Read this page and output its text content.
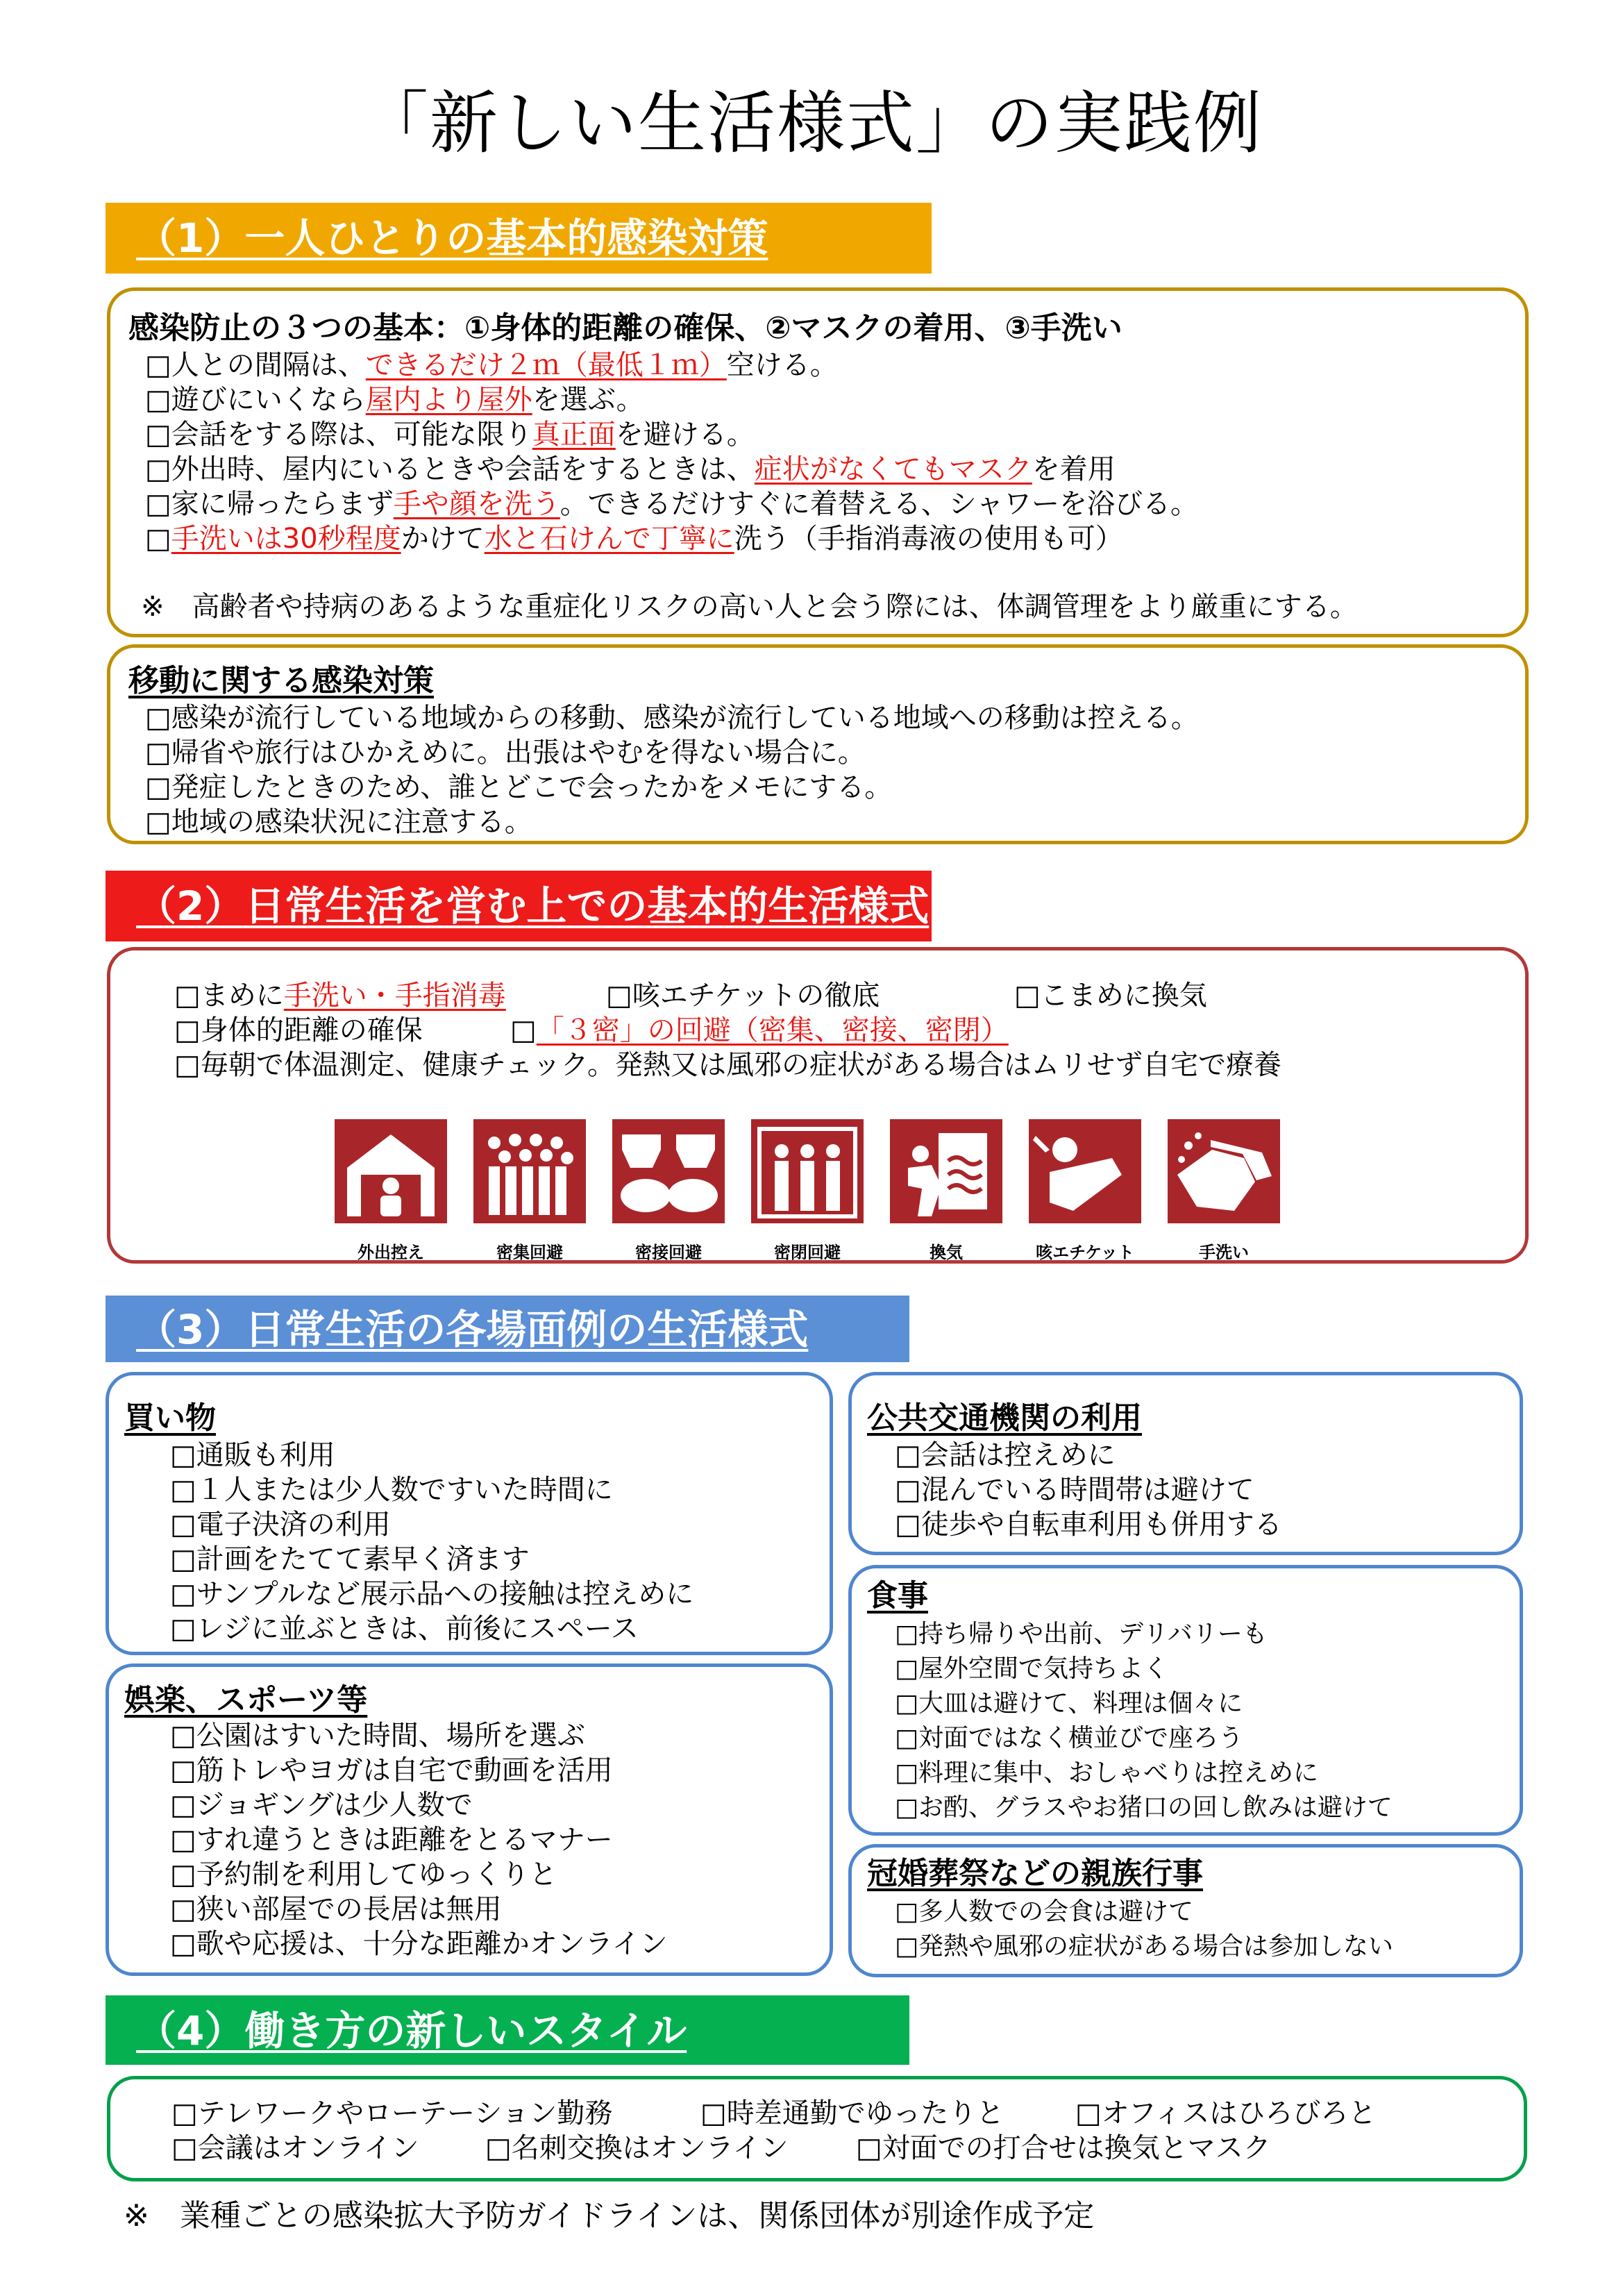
「新しい生活様式」の実践例
（1）一人ひとりの基本的感染対策
感染防止の３つの基本：①身体的距離の確保、②マスクの着用、③手洗い
□ 人との間隔は、できるだけ２ｍ（最低１ｍ）空ける。
□ 遊びにいくなら屋内より屋外を選ぶ。
□ 会話をする際は、可能な限り真正面を避ける。
□ 外出時、屋内にいるときや会話をするときは、症状がなくてもマスクを着用
□ 家に帰ったらまず手や顔を洗う。できるだけすぐに着替える、シャワーを浴びる。
□ 手洗いは30秒程度かけて水と石けんで丁寧に洗う（手指消毒液の使用も可）
※　高齢者や持病のあるような重症化リスクの高い人と会う際には、体調管理をより厳重にする。
移動に関する感染対策
□ 感染が流行している地域からの移動、感染が流行している地域への移動は控える。
□ 帰省や旅行はひかえめに。出張はやむを得ない場合に。
□ 発症したときのため、誰とどこで会ったかをメモにする。
□ 地域の感染状況に注意する。
（2）日常生活を営む上での基本的生活様式
□ まめに手洗い・手指消毒 □	咳エチケットの徹底 □	こまめに換気
□ 身体的距離の確保 □	「３密」の回避（密集、密接、密閉）
□ 毎朝で体温測定、健康チェック。発熱又は風邪の症状がある場合はムリせず自宅で療養
外出控え	密集回避	密接回避	密閉回避	換気	咳エチケット	手洗い
（3）日常生活の各場面例の生活様式
買い物
□ 通販も利用
□ １人または少人数ですいた時間に
□ 電子決済の利用
□ 計画をたてて素早く済ます
□ サンプルなど展示品への接触は控えめに
□ レジに並ぶときは、前後にスペース
娯楽、スポーツ等
□ 公園はすいた時間、場所を選ぶ
□ 筋トレやヨガは自宅で動画を活用
□ ジョギングは少人数で
□ すれ違うときは距離をとるマナー
□ 予約制を利用してゆっくりと
□ 狭い部屋での長居は無用
□ 歌や応援は、十分な距離かオンライン
公共交通機関の利用
□ 会話は控えめに
□ 混んでいる時間帯は避けて
□ 徒歩や自転車利用も併用する
食事
□ 持ち帰りや出前、デリバリーも
□ 屋外空間で気持ちよく
□ 大皿は避けて、料理は個々に
□ 対面ではなく横並びで座ろう
□ 料理に集中、おしゃべりは控えめに
□ お酌、グラスやお猪口の回し飲みは避けて
冠婚葬祭などの親族行事
□ 多人数での会食は避けて
□ 発熱や風邪の症状がある場合は参加しない
（4）働き方の新しいスタイル
□ テレワークやローテーション勤務 □	時差通勤でゆったりと □	オフィスはひろびろと
□ 会議はオンライン □	名刺交換はオンライン □	対面での打合せは換気とマスク
※　業種ごとの感染拡大予防ガイドラインは、関係団体が別途作成予定
